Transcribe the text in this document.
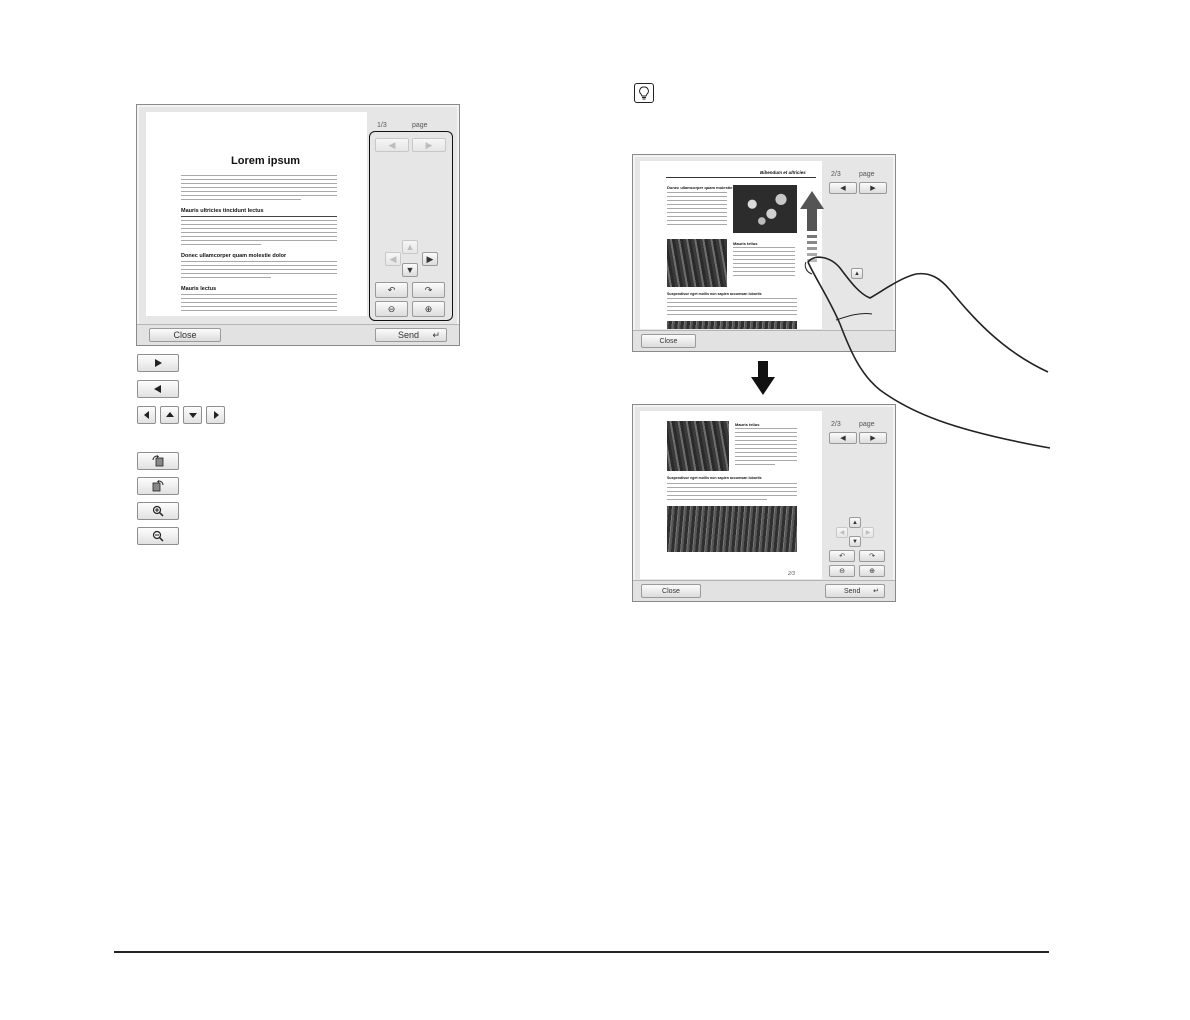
Lorem ipsum
Mauris ultricies tincidunt lectus
Donec ullamcorper quam molestie dolor
Mauris lectus
1/3	page
◀	▶
▲
◀	▶
▼
↶	↷
⊖	⊕
Close	Send ↵
Bibendum et ultricies
Donec ullamcorper quam molestie
Mauris tellus
Suspendisse eget mollis non sapien accumsan lobortis
2/3	page
◀	▶
▲
Close
Mauris tellus
Suspendisse eget mollis non sapien accumsan lobortis
2/3
2/3	page
◀	▶
▲
◀	▶
▼
↶	↷
⊖	⊕
Close	Send ↵
